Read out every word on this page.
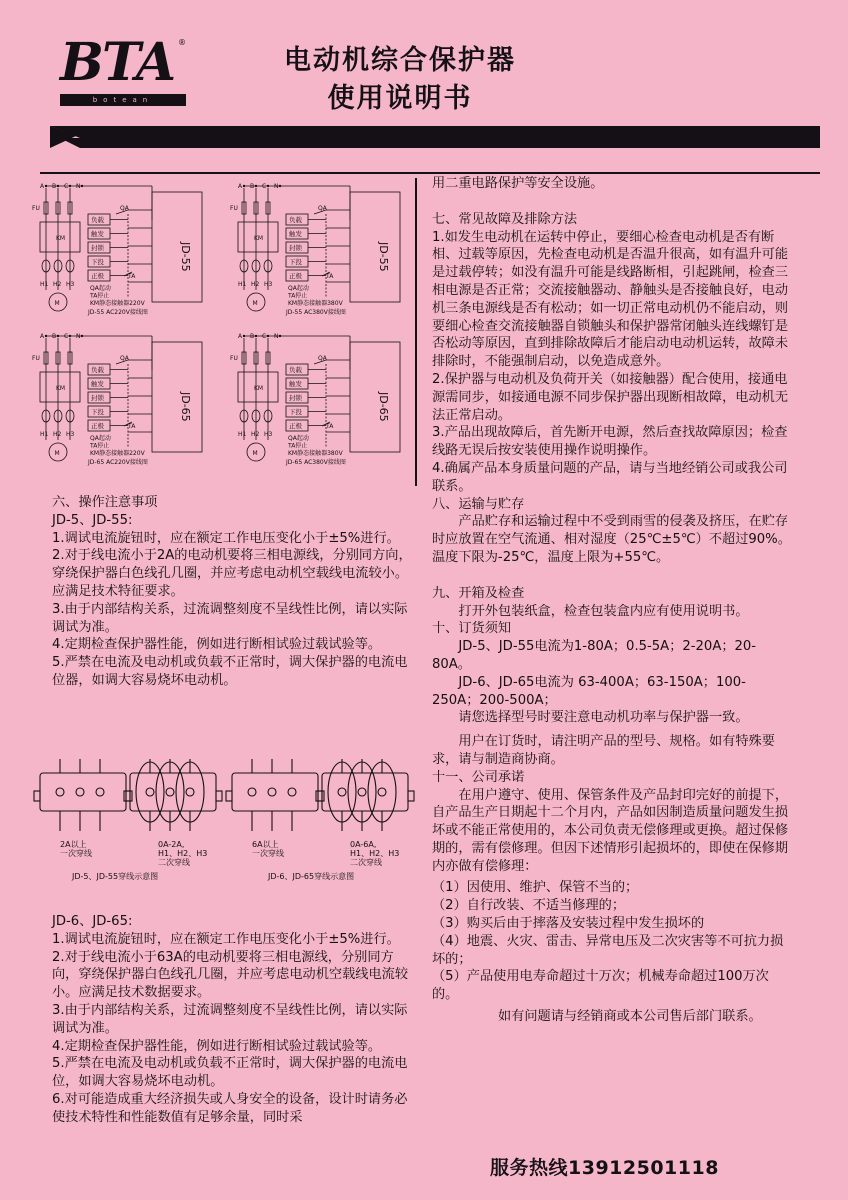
BTA ®
botean
电动机综合保护器
使用说明书
A B C N
FU
KM
H1 H2 H3
M
负载
触发
封锁
下投
正极
QA
TA
QA起动
TA停止
KM静态接触器220V
JD-55 AC220V接线图
JD-55
A B C N
FU
KM
H1 H2 H3
M
负载
触发
封锁
下投
正极
QA
TA
QA起动
TA停止
KM静态接触器380V
JD-55 AC380V接线图
JD-55
A B C N
FU
KM
H1 H2 H3
M
负载
触发
封锁
下投
正极
QA
TA
QA起动
TA停止
KM静态接触器220V
JD-65 AC220V接线图
JD-65
A B C N
FU
KM
H1 H2 H3
M
负载
触发
封锁
下投
正极
QA
TA
QA起动
TA停止
KM静态接触器380V
JD-65 AC380V接线图
JD-65
2A以上
一次穿线
0A-2A,
H1、H2、H3
二次穿线
6A以上
一次穿线
0A-6A,
H1、H2、H3
二次穿线
JD-5、JD-55穿线示意图	JD-6、JD-65穿线示意图

六、操作注意事项

JD-5、JD-55:

1.调试电流旋钮时，应在额定工作电压变化小于±5%进行。

2.对于线电流小于2A的电动机要将三相电源线，分别同方向，穿绕保护器白色线孔几圈，并应考虑电动机空载线电流较小。应满足技术特征要求。

3.由于内部结构关系，过流调整刻度不呈线性比例，请以实际调试为准。

4.定期检查保护器性能，例如进行断相试验过载试验等。

5.严禁在电流及电动机或负载不正常时，调大保护器的电流电位器，如调大容易烧坏电动机。

JD-6、JD-65:

1.调试电流旋钮时，应在额定工作电压变化小于±5%进行。

2.对于线电流小于63A的电动机要将三相电源线，分别同方向，穿绕保护器白色线孔几圈，并应考虑电动机空载线电流较小。应满足技术数据要求。

3.由于内部结构关系，过流调整刻度不呈线性比例，请以实际调试为准。

4.定期检查保护器性能，例如进行断相试验过载试验等。

5.严禁在电流及电动机或负载不正常时，调大保护器的电流电位，如调大容易烧坏电动机。

6.对可能造成重大经济损失或人身安全的设备，设计时请务必使技术特性和性能数值有足够余量，同时采

用二重电路保护等安全设施。

七、常见故障及排除方法

1.如发生电动机在运转中停止，要细心检查电动机是否有断相、过载等原因，先检查电动机是否温升很高，如有温升可能是过载停转；如没有温升可能是线路断相，引起跳闸，检查三相电源是否正常；交流接触器动、静触头是否接触良好，电动机三条电源线是否有松动；如一切正常电动机仍不能启动，则要细心检查交流接触器自锁触头和保护器常闭触头连线螺钉是否松动等原因，直到排除故障后才能启动电动机运转，故障未排除时，不能强制启动，以免造成意外。

2.保护器与电动机及负荷开关（如接触器）配合使用，接通电源需同步，如接通电源不同步保护器出现断相故障，电动机无法正常启动。

3.产品出现故障后，首先断开电源，然后查找故障原因；检查线路无误后按安装使用操作说明操作。

4.确属产品本身质量问题的产品，请与当地经销公司或我公司联系。

八、运输与贮存

产品贮存和运输过程中不受到雨雪的侵袭及挤压，在贮存时应放置在空气流通、相对湿度（25℃±5℃）不超过90%。温度下限为-25℃，温度上限为+55℃。

九、开箱及检查

打开外包装纸盒，检查包装盒内应有使用说明书。

十、订货须知

JD-5、JD-55电流为1-80A；0.5-5A；2-20A；20-80A。

JD-6、JD-65电流为 63-400A；63-150A；100-250A；200-500A；

请您选择型号时要注意电动机功率与保护器一致。

用户在订货时，请注明产品的型号、规格。如有特殊要求，请与制造商协商。

十一、公司承诺

在用户遵守、使用、保管条件及产品封印完好的前提下，自产品生产日期起十二个月内，产品如因制造质量问题发生损坏或不能正常使用的，本公司负责无偿修理或更换。超过保修期的，需有偿修理。但因下述情形引起损坏的，即使在保修期内亦做有偿修理：

（1）因使用、维护、保管不当的；

（2）自行改装、不适当修理的；

（3）购买后由于摔落及安装过程中发生损坏的

（4）地震、火灾、雷击、异常电压及二次灾害等不可抗力损坏的；

（5）产品使用电寿命超过十万次；机械寿命超过100万次的。

如有问题请与经销商或本公司售后部门联系。

服务热线13912501118
